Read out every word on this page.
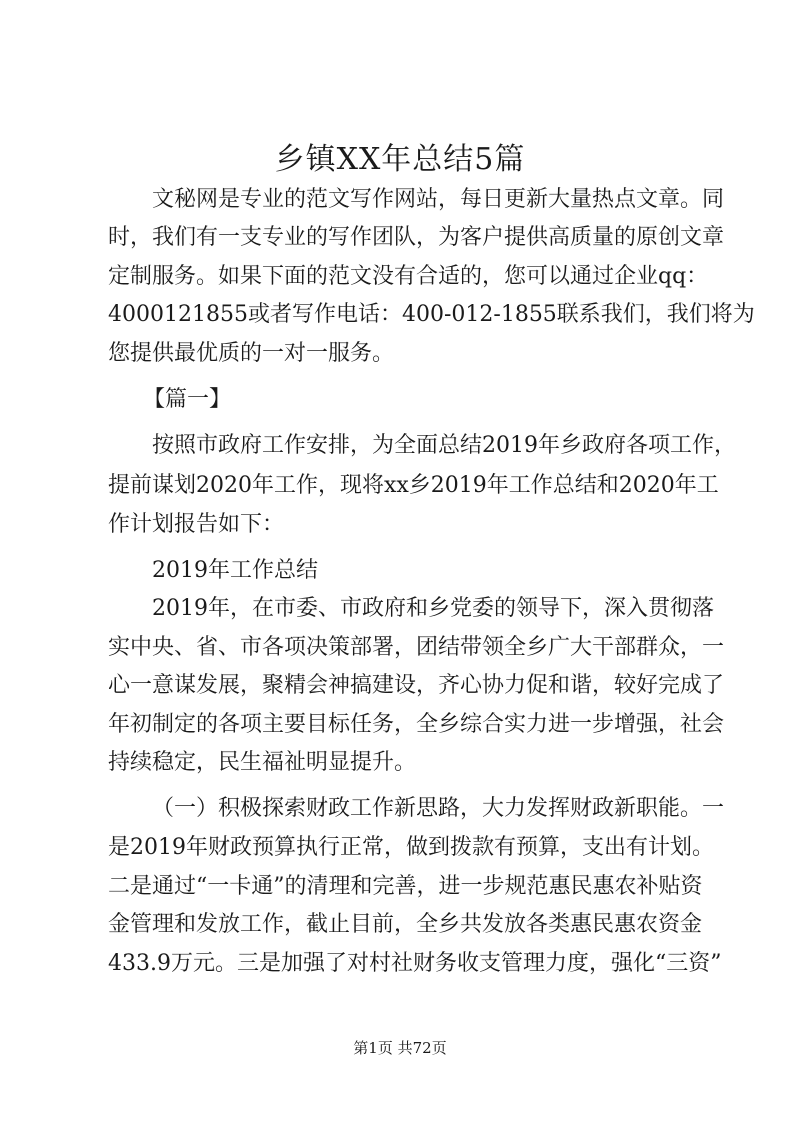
乡镇XX年总结5篇
文秘网是专业的范文写作网站，每日更新大量热点文章。同
时，我们有一支专业的写作团队，为客户提供高质量的原创文章
定制服务。如果下面的范文没有合适的，您可以通过企业qq：
4000121855或者写作电话：400-012-1855联系我们，我们将为
您提供最优质的一对一服务。
【篇一】
按照市政府工作安排，为全面总结2019年乡政府各项工作，
提前谋划2020年工作，现将xx乡2019年工作总结和2020年工
作计划报告如下：
2019年工作总结
2019年，在市委、市政府和乡党委的领导下，深入贯彻落
实中央、省、市各项决策部署，团结带领全乡广大干部群众，一
心一意谋发展，聚精会神搞建设，齐心协力促和谐，较好完成了
年初制定的各项主要目标任务，全乡综合实力进一步增强，社会
持续稳定，民生福祉明显提升。
（一）积极探索财政工作新思路，大力发挥财政新职能。一
是2019年财政预算执行正常，做到拨款有预算，支出有计划。
二是通过“一卡通”的清理和完善，进一步规范惠民惠农补贴资
金管理和发放工作，截止目前，全乡共发放各类惠民惠农资金
433.9万元。三是加强了对村社财务收支管理力度，强化“三资”
第1页 共72页
